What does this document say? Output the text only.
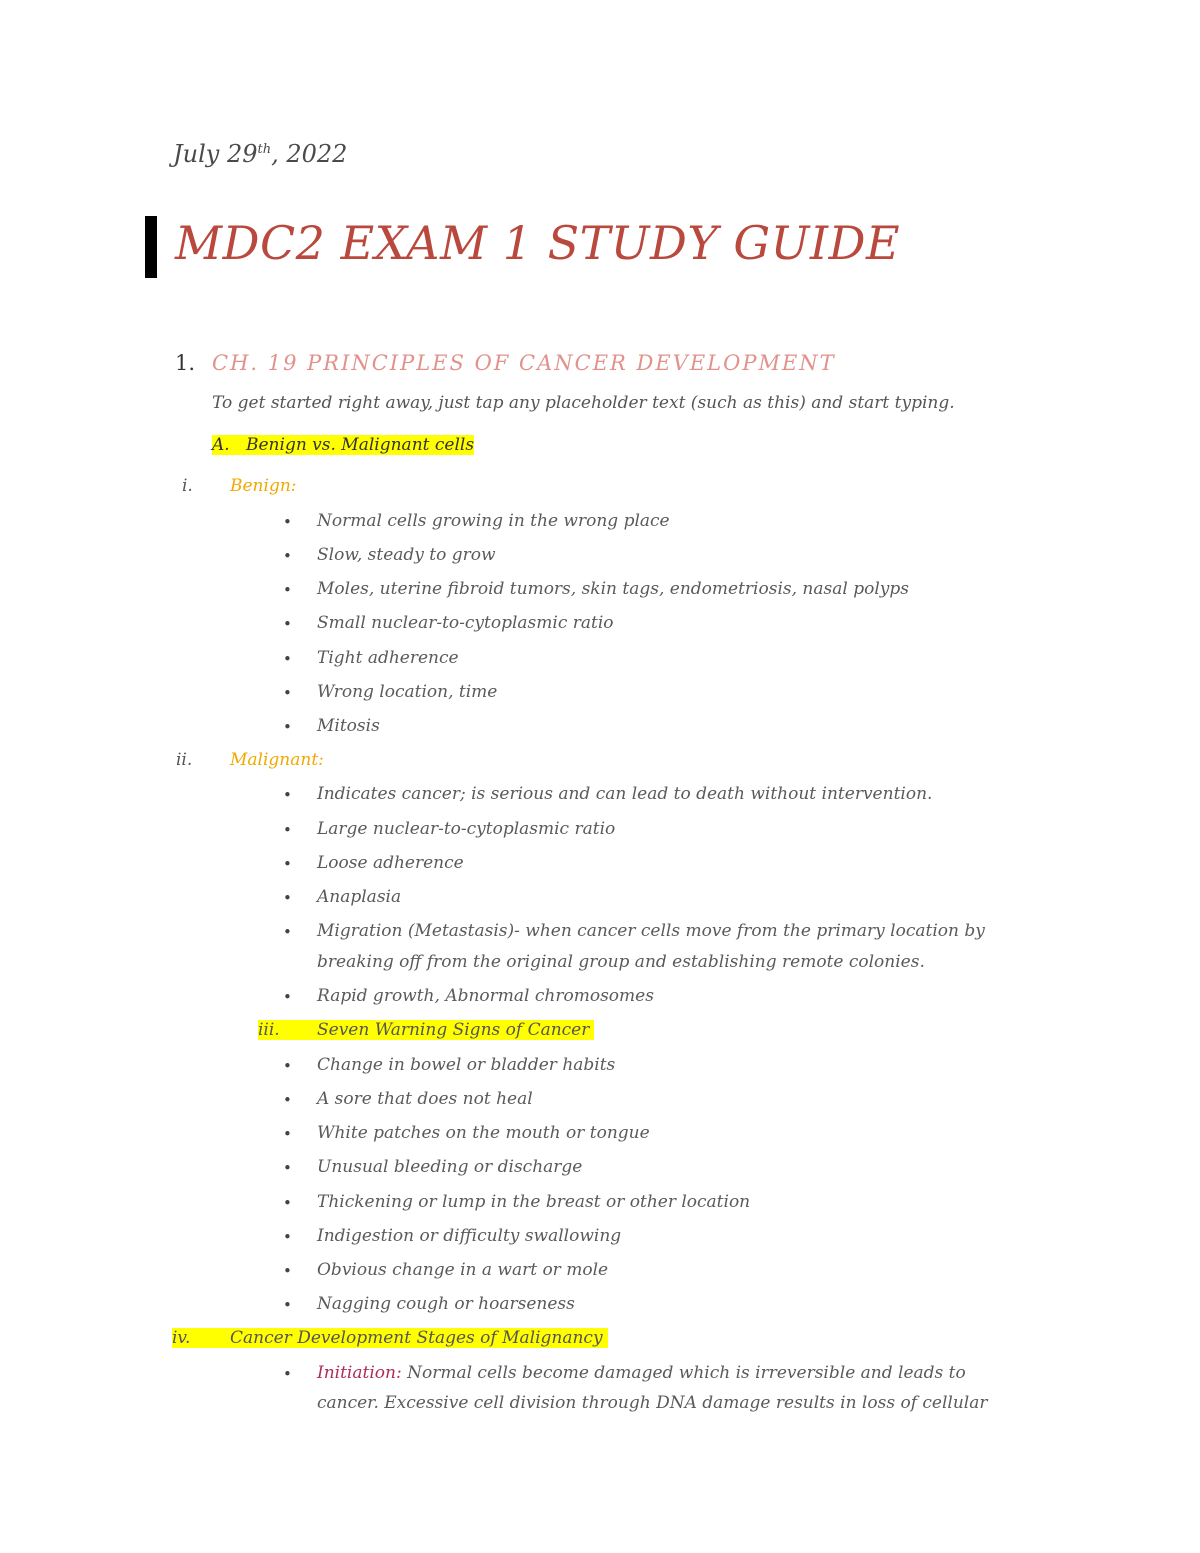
July 29th, 2022
MDC2 EXAM 1 STUDY GUIDE
1. CH. 19 PRINCIPLES OF CANCER DEVELOPMENT
To get started right away, just tap any placeholder text (such as this) and start typing.
A. Benign vs. Malignant cells
i. Benign:
• Normal cells growing in the wrong place
• Slow, steady to grow
• Moles, uterine fibroid tumors, skin tags, endometriosis, nasal polyps
• Small nuclear-to-cytoplasmic ratio
• Tight adherence
• Wrong location, time
• Mitosis
ii. Malignant:
• Indicates cancer; is serious and can lead to death without intervention.
• Large nuclear-to-cytoplasmic ratio
• Loose adherence
• Anaplasia
• Migration (Metastasis)- when cancer cells move from the primary location by
breaking off from the original group and establishing remote colonies.
• Rapid growth, Abnormal chromosomes
iii. Seven Warning Signs of Cancer
• Change in bowel or bladder habits
• A sore that does not heal
• White patches on the mouth or tongue
• Unusual bleeding or discharge
• Thickening or lump in the breast or other location
• Indigestion or difficulty swallowing
• Obvious change in a wart or mole
• Nagging cough or hoarseness
iv. Cancer Development Stages of Malignancy
• Initiation: Normal cells become damaged which is irreversible and leads to
cancer. Excessive cell division through DNA damage results in loss of cellular
